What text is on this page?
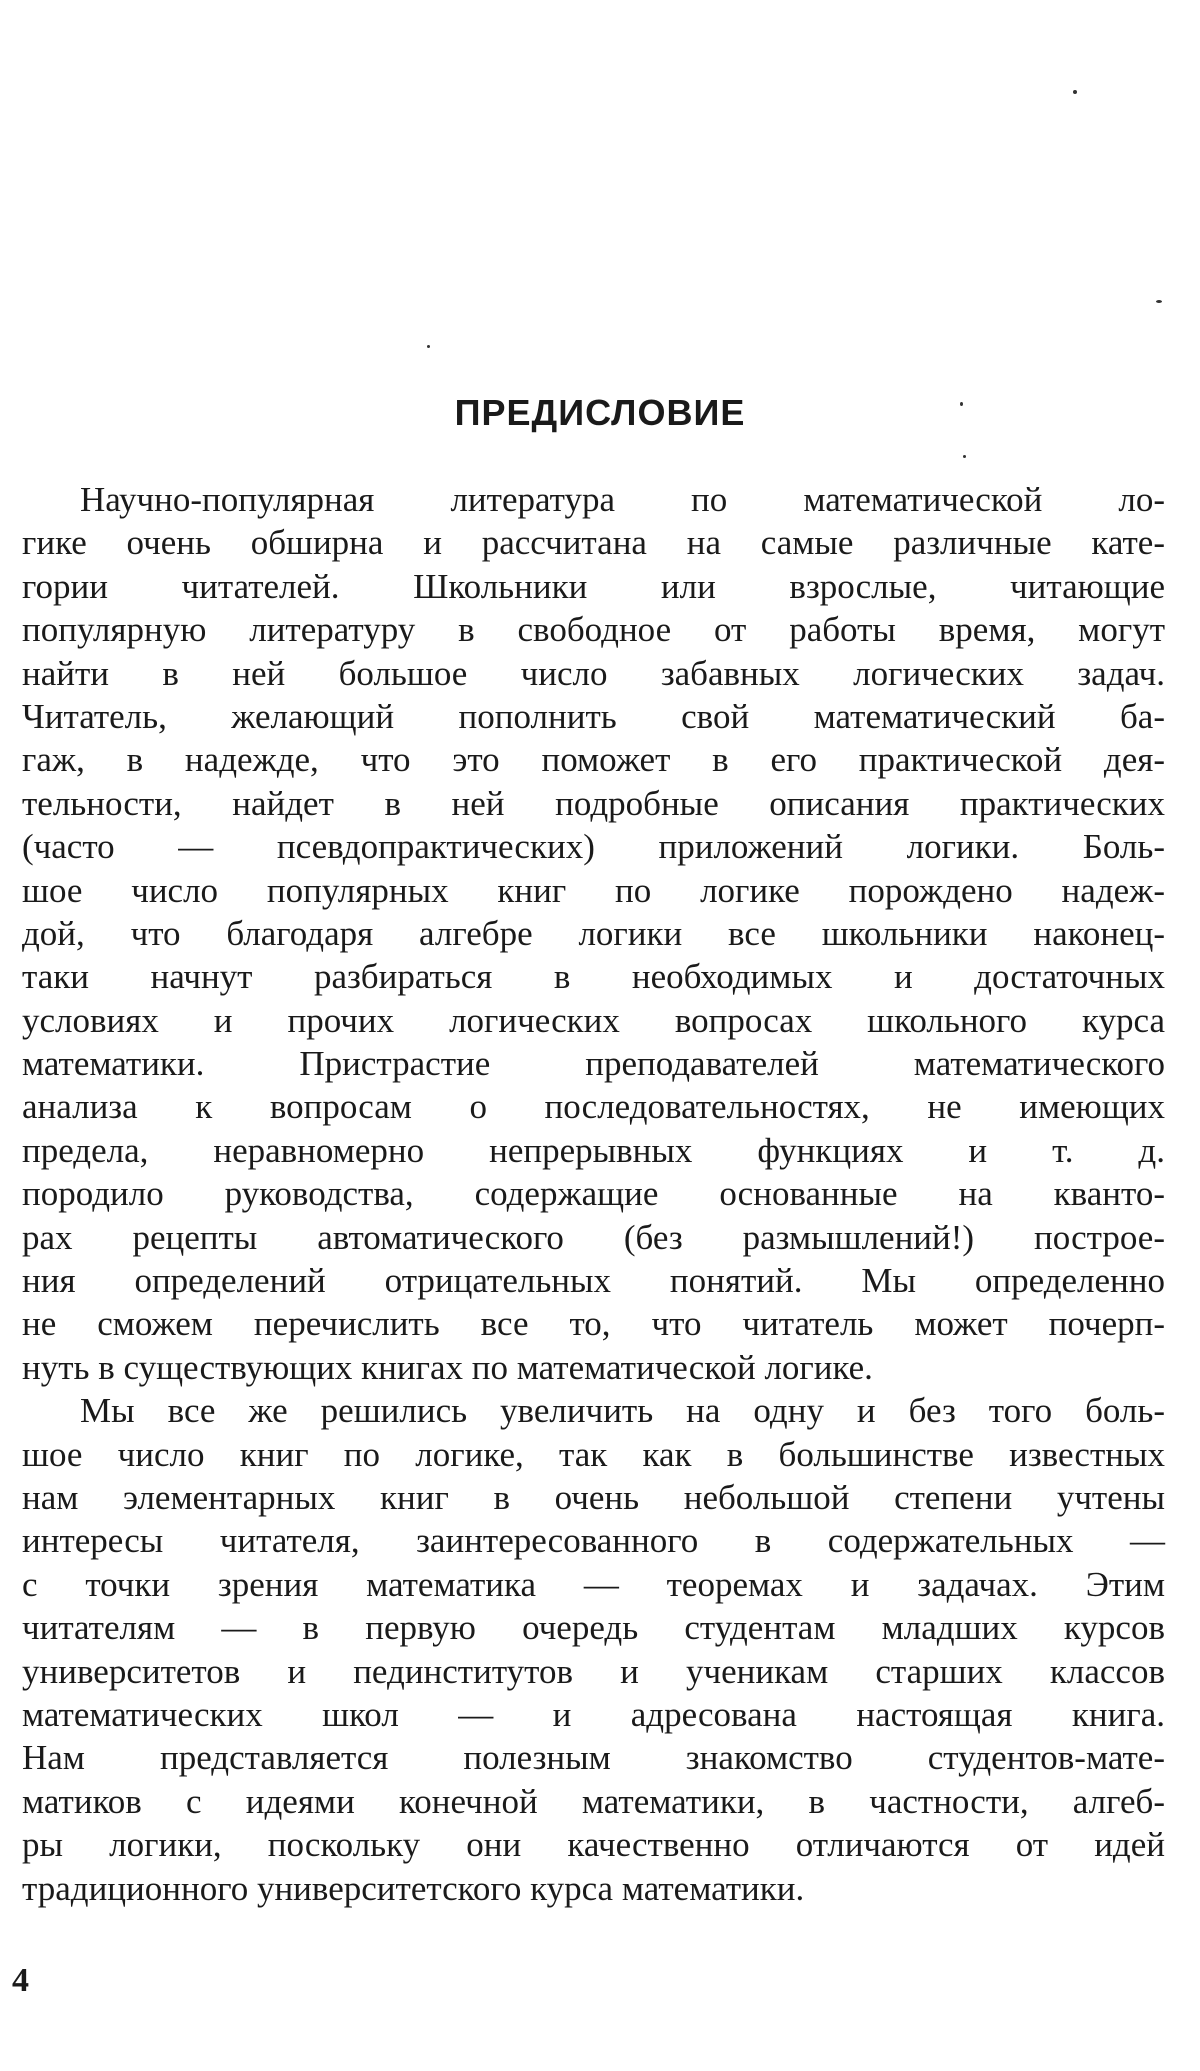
ПРЕДИСЛОВИЕ
Научно-популярная литература по математической ло-
гике очень обширна и рассчитана на самые различные кате-
гории читателей. Школьники или взрослые, читающие
популярную литературу в свободное от работы время, могут
найти в ней большое число забавных логических задач.
Читатель, желающий пополнить свой математический ба-
гаж, в надежде, что это поможет в его практической дея-
тельности, найдет в ней подробные описания практических
(часто — псевдопрактических) приложений логики. Боль-
шое число популярных книг по логике порождено надеж-
дой, что благодаря алгебре логики все школьники наконец-
таки начнут разбираться в необходимых и достаточных
условиях и прочих логических вопросах школьного курса
математики. Пристрастие преподавателей математического
анализа к вопросам о последовательностях, не имеющих
предела, неравномерно непрерывных функциях и т. д.
породило руководства, содержащие основанные на кванто-
рах рецепты автоматического (без размышлений!) построе-
ния определений отрицательных понятий. Мы определенно
не сможем перечислить все то, что читатель может почерп-
нуть в существующих книгах по математической логике.
Мы все же решились увеличить на одну и без того боль-
шое число книг по логике, так как в большинстве известных
нам элементарных книг в очень небольшой степени учтены
интересы читателя, заинтересованного в содержательных —
с точки зрения математика — теоремах и задачах. Этим
читателям — в первую очередь студентам младших курсов
университетов и пединститутов и ученикам старших классов
математических школ — и адресована настоящая книга.
Нам представляется полезным знакомство студентов-мате-
матиков с идеями конечной математики, в частности, алгеб-
ры логики, поскольку они качественно отличаются от идей
традиционного университетского курса математики.
4
